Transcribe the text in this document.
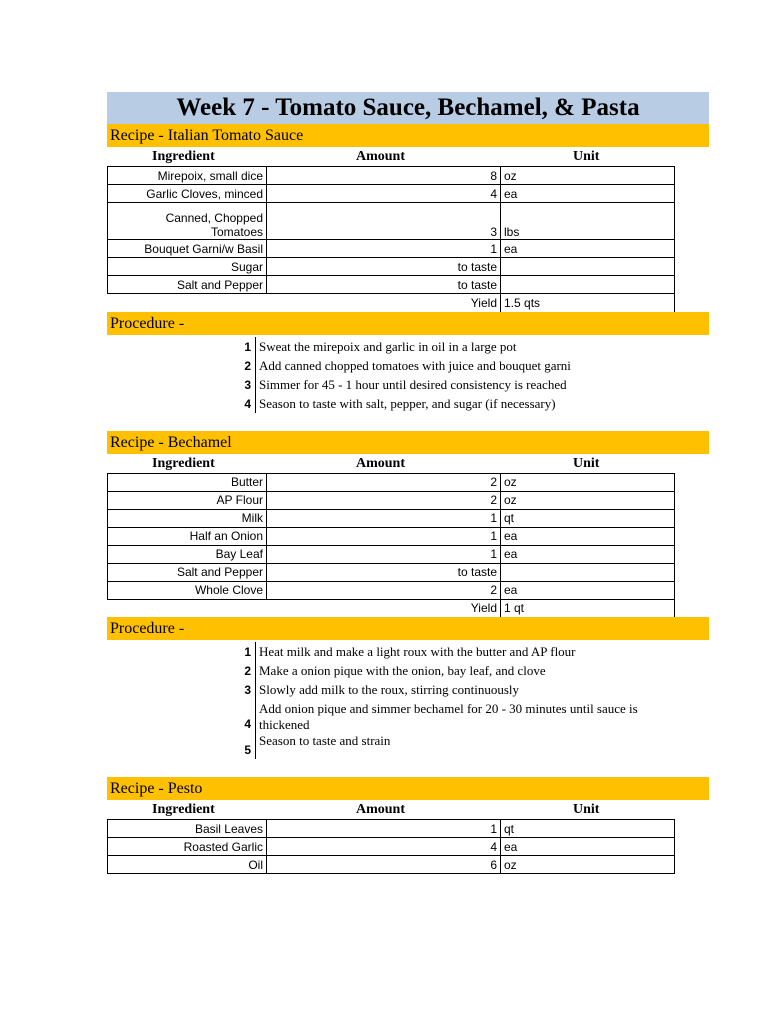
Week 7 - Tomato Sauce, Bechamel, & Pasta
Recipe - Italian Tomato Sauce
Ingredient	Amount	Unit
Mirepoix, small dice	8	oz
Garlic Cloves, minced	4	ea

Canned, Chopped
Tomatoes	3	lbs
Bouquet Garni/w Basil	1	ea
Sugar	to taste	
Salt and Pepper	to taste	
	Yield	1.5 qts
Procedure -
1 Sweat the mirepoix and garlic in oil in a large pot
2 Add canned chopped tomatoes with juice and bouquet garni
3 Simmer for 45 - 1 hour until desired consistency is reached
4 Season to taste with salt, pepper, and sugar (if necessary)
Recipe - Bechamel
Ingredient	Amount	Unit
Butter	2	oz
AP Flour	2	oz
Milk	1	qt
Half an Onion	1	ea
Bay Leaf	1	ea
Salt and Pepper	to taste	
Whole Clove	2	ea
	Yield	1 qt
Procedure -
1 Heat milk and make a light roux with the butter and AP flour
2 Make a onion pique with the onion, bay leaf, and clove
3 Slowly add milk to the roux, stirring continuously
4
Add onion pique and simmer bechamel for 20 - 30 minutes until sauce is thickened
5
Season to taste and strain
Recipe - Pesto
Ingredient	Amount	Unit
Basil Leaves	1	qt
Roasted Garlic	4	ea
Oil	6	oz
